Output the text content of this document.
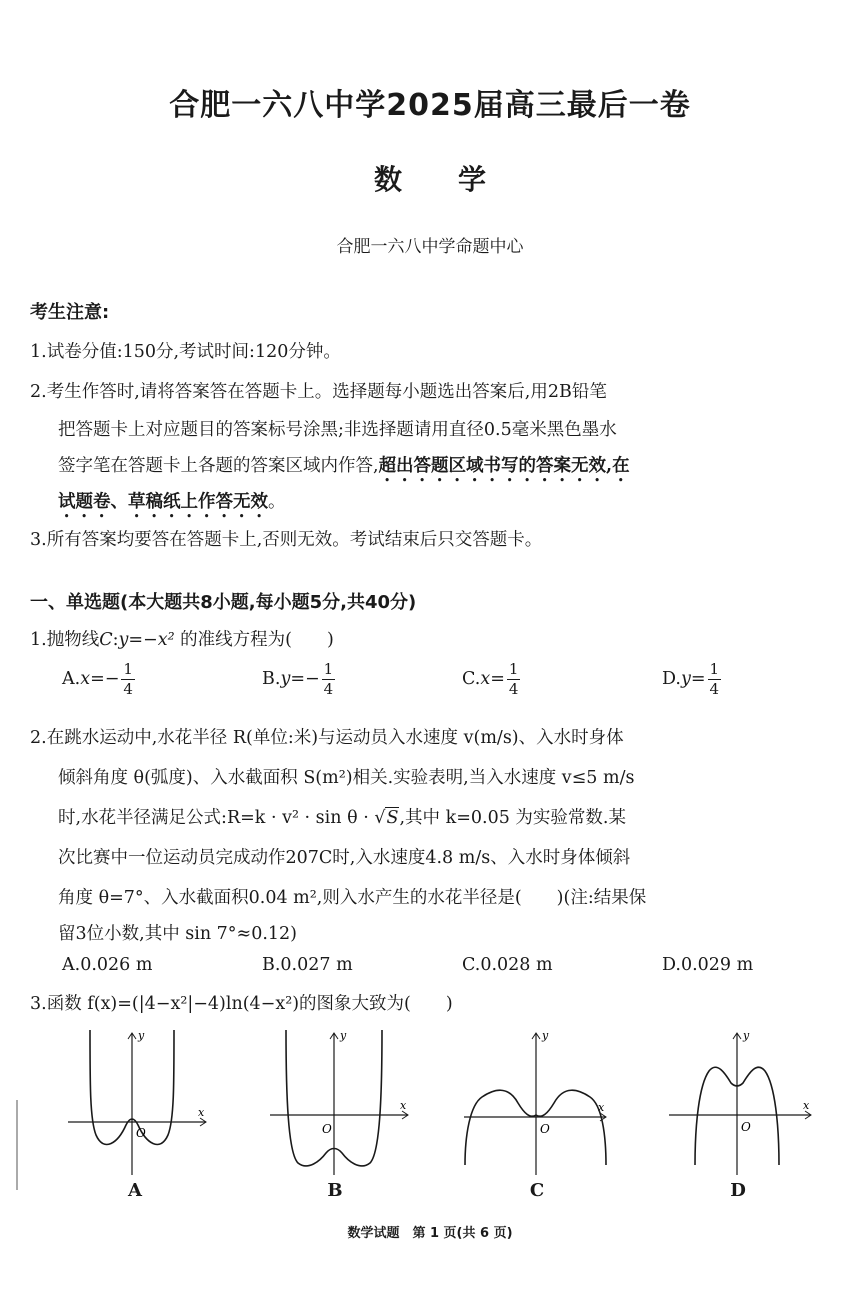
合肥一六八中学2025届高三最后一卷
数　　学
合肥一六八中学命题中心
考生注意:
1.试卷分值:150分,考试时间:120分钟。
2.考生作答时,请将答案答在答题卡上。选择题每小题选出答案后,用2B铅笔
把答题卡上对应题目的答案标号涂黑;非选择题请用直径0.5毫米黑色墨水
签字笔在答题卡上各题的答案区域内作答,超出答题区域书写的答案无效,在
试题卷、草稿纸上作答无效。
3.所有答案均要答在答题卡上,否则无效。考试结束后只交答题卡。
一、单选题(本大题共8小题,每小题5分,共40分)
1.抛物线C:y=−x² 的准线方程为(　　)
$A.x=- \frac{1}{4}$	$B.y=- \frac{1}{4}$	$C.x= \frac{1}{4}$	$D.y= \frac{1}{4}$
2.在跳水运动中,水花半径 R(单位:米)与运动员入水速度 v(m/s)、入水时身体
倾斜角度 θ(弧度)、入水截面积 S(m²)相关.实验表明,当入水速度 v≤5 m/s
时,水花半径满足公式:R=k · v² · sin θ · √S,其中 k=0.05 为实验常数.某
次比赛中一位运动员完成动作207C时,入水速度4.8 m/s、入水时身体倾斜
角度 θ=7°、入水截面积0.04 m²,则入水产生的水花半径是(　　)(注:结果保
留3位小数,其中 sin 7°≈0.12)
A.0.026 m	B.0.027 m	C.0.028 m	D.0.029 m
3.函数 f(x)=(|4−x²|−4)ln(4−x²)的图象大致为(　　)
y
x
O
A
y
x
O
B
y
x
O
C
y
x
O
D
数学试题　第 1 页(共 6 页)
